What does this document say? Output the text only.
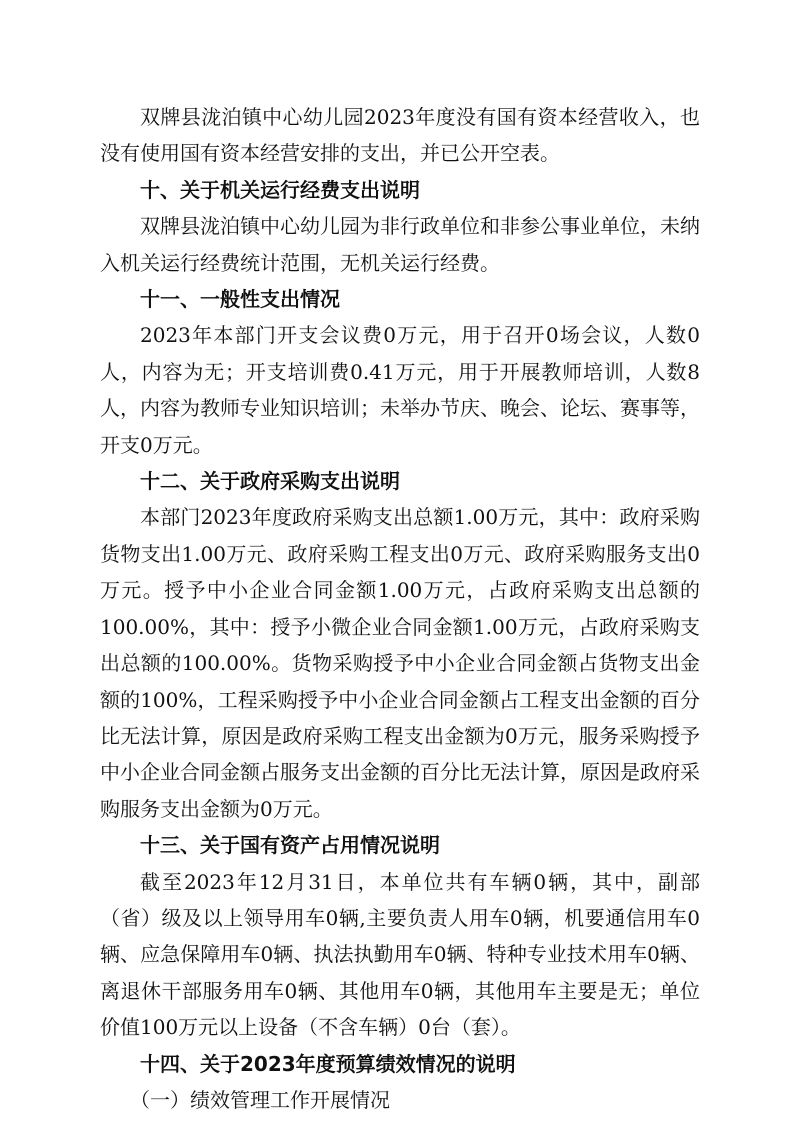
双牌县泷泊镇中心幼儿园2023年度没有国有资本经营收入，也没有使用国有资本经营安排的支出，并已公开空表。

十、关于机关运行经费支出说明

双牌县泷泊镇中心幼儿园为非行政单位和非参公事业单位，未纳入机关运行经费统计范围，无机关运行经费。

十一、一般性支出情况

2023年本部门开支会议费0万元，用于召开0场会议，人数0人，内容为无；开支培训费0.41万元，用于开展教师培训，人数8人，内容为教师专业知识培训；未举办节庆、晚会、论坛、赛事等，开支0万元。

十二、关于政府采购支出说明

本部门2023年度政府采购支出总额1.00万元，其中：政府采购货物支出1.00万元、政府采购工程支出0万元、政府采购服务支出0万元。授予中小企业合同金额1.00万元，占政府采购支出总额的100.00%，其中：授予小微企业合同金额1.00万元，占政府采购支出总额的100.00%。货物采购授予中小企业合同金额占货物支出金额的100%，工程采购授予中小企业合同金额占工程支出金额的百分比无法计算，原因是政府采购工程支出金额为0万元，服务采购授予中小企业合同金额占服务支出金额的百分比无法计算，原因是政府采购服务支出金额为0万元。

十三、关于国有资产占用情况说明

截至2023年12月31日，本单位共有车辆0辆，其中，副部（省）级及以上领导用车0辆,主要负责人用车0辆，机要通信用车0辆、应急保障用车0辆、执法执勤用车0辆、特种专业技术用车0辆、离退休干部服务用车0辆、其他用车0辆，其他用车主要是无；单位价值100万元以上设备（不含车辆）0台（套）。

十四、关于2023年度预算绩效情况的说明

（一）绩效管理工作开展情况
